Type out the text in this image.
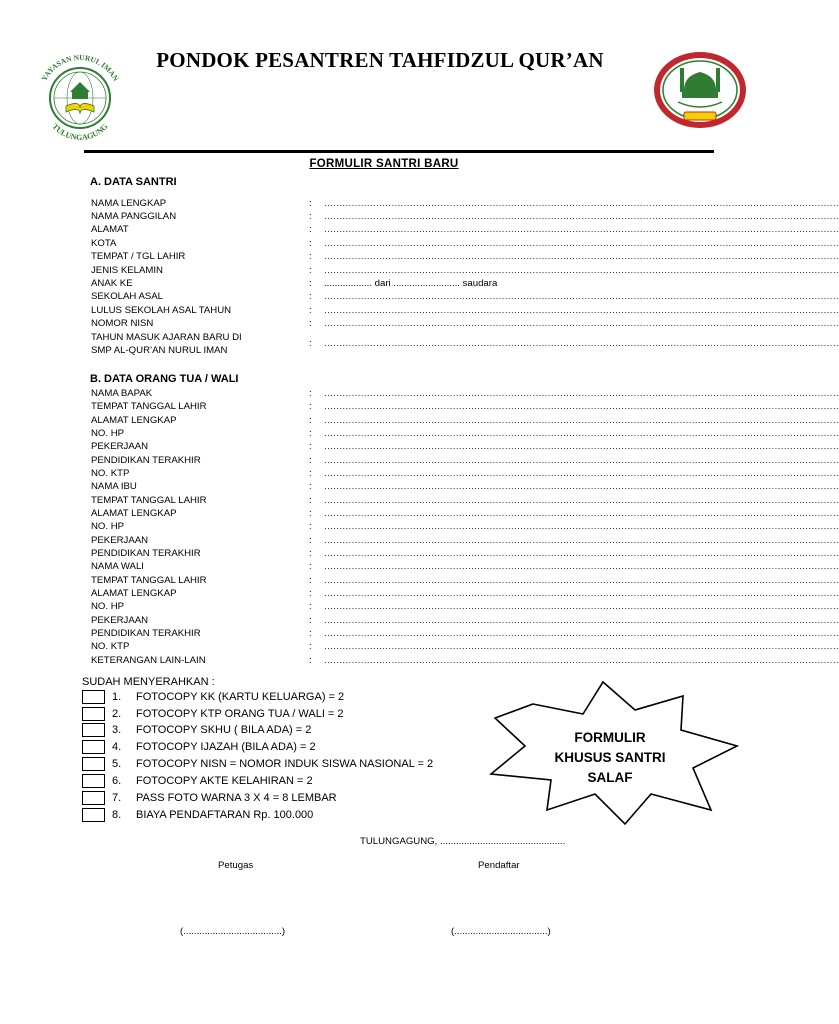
YAYASAN NURUL IMAN
TULUNGAGUNG
PONDOK PESANTREN TAHFIDZUL QUR’AN
FORMULIR SANTRI BARU
A. DATA SANTRI
NAMA LENGKAP	: ........................................................................................................................................................................
NAMA PANGGILAN	: ........................................................................................................................................................................
ALAMAT	: ........................................................................................................................................................................
KOTA	: ........................................................................................................................................................................
TEMPAT / TGL LAHIR	: ........................................................................................................................................................................
JENIS KELAMIN	: ........................................................................................................................................................................
ANAK KE	: .................. dari ......................... saudara
SEKOLAH ASAL	: ........................................................................................................................................................................
LULUS SEKOLAH ASAL TAHUN	: ........................................................................................................................................................................
NOMOR NISN	: ........................................................................................................................................................................
TAHUN MASUK AJARAN BARU DI
SMP AL-QUR’AN NURUL IMAN
: ........................................................................................................................................................................
B. DATA ORANG TUA / WALI
NAMA BAPAK	: ........................................................................................................................................................................
TEMPAT TANGGAL LAHIR	: ........................................................................................................................................................................
ALAMAT LENGKAP	: ........................................................................................................................................................................
NO. HP	: ........................................................................................................................................................................
PEKERJAAN	: ........................................................................................................................................................................
PENDIDIKAN TERAKHIR	: ........................................................................................................................................................................
NO. KTP	: ........................................................................................................................................................................
NAMA IBU	: ........................................................................................................................................................................
TEMPAT TANGGAL LAHIR	: ........................................................................................................................................................................
ALAMAT LENGKAP	: ........................................................................................................................................................................
NO. HP	: ........................................................................................................................................................................
PEKERJAAN	: ........................................................................................................................................................................
PENDIDIKAN TERAKHIR	: ........................................................................................................................................................................
NAMA WALI	: ........................................................................................................................................................................
TEMPAT TANGGAL LAHIR	: ........................................................................................................................................................................
ALAMAT LENGKAP	: ........................................................................................................................................................................
NO. HP	: ........................................................................................................................................................................
PEKERJAAN	: ........................................................................................................................................................................
PENDIDIKAN TERAKHIR	: ........................................................................................................................................................................
NO. KTP	: ........................................................................................................................................................................
KETERANGAN LAIN-LAIN	: ........................................................................................................................................................................
SUDAH MENYERAHKAN :
1. FOTOCOPY KK (KARTU KELUARGA) = 2
2. FOTOCOPY KTP ORANG TUA / WALI = 2
3. FOTOCOPY SKHU ( BILA ADA) = 2
4. FOTOCOPY IJAZAH (BILA ADA) = 2
5. FOTOCOPY NISN = NOMOR INDUK SISWA NASIONAL = 2
6. FOTOCOPY AKTE KELAHIRAN = 2
7. PASS FOTO WARNA 3 X 4 = 8 LEMBAR
8. BIAYA PENDAFTARAN Rp. 100.000
FORMULIR
KHUSUS SANTRI
SALAF
TULUNGAGUNG, ...............................................
Petugas	Pendaftar
(.....................................)	(...................................)
